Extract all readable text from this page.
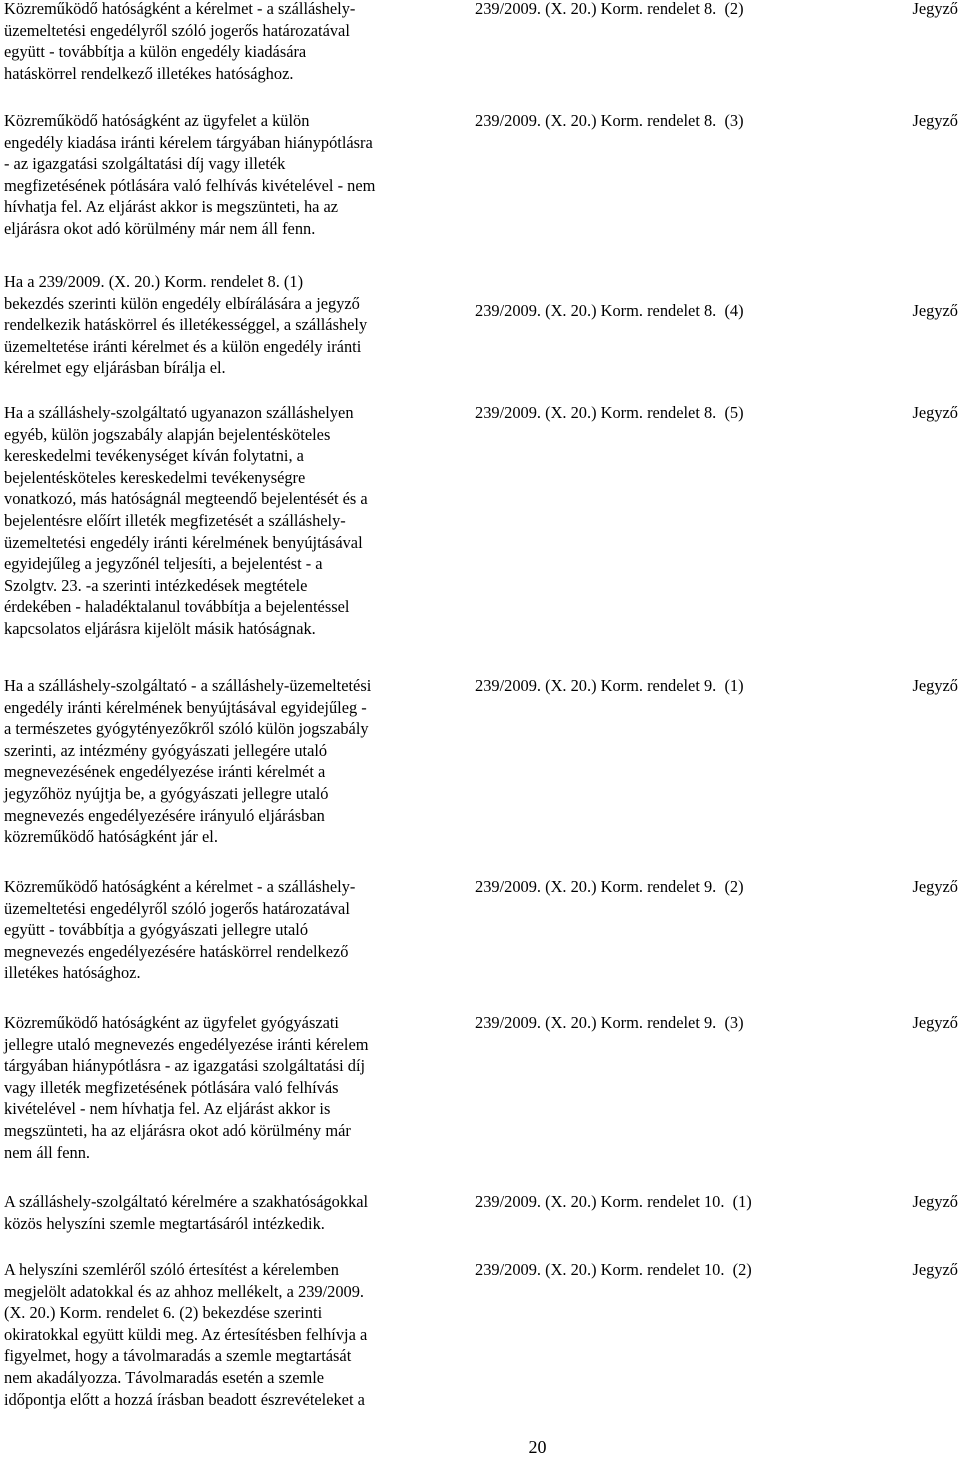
Közreműködő hatóságként a kérelmet - a szálláshely-
üzemeltetési engedélyről szóló jogerős határozatával
együtt - továbbítja a külön engedély kiadására
hatáskörrel rendelkező illetékes hatósághoz.
239/2009. (X. 20.) Korm. rendelet 8.  (2)	Jegyző
Közreműködő hatóságként az ügyfelet a külön
engedély kiadása iránti kérelem tárgyában hiánypótlásra
- az igazgatási szolgáltatási díj vagy illeték
megfizetésének pótlására való felhívás kivételével - nem
hívhatja fel. Az eljárást akkor is megszünteti, ha az
eljárásra okot adó körülmény már nem áll fenn.
239/2009. (X. 20.) Korm. rendelet 8.  (3)	Jegyző
Ha a 239/2009. (X. 20.) Korm. rendelet 8. (1)
bekezdés szerinti külön engedély elbírálására a jegyző
rendelkezik hatáskörrel és illetékességgel, a szálláshely
üzemeltetése iránti kérelmet és a külön engedély iránti
kérelmet egy eljárásban bírálja el.
239/2009. (X. 20.) Korm. rendelet 8.  (4)	Jegyző
Ha a szálláshely-szolgáltató ugyanazon szálláshelyen
egyéb, külön jogszabály alapján bejelentésköteles
kereskedelmi tevékenységet kíván folytatni, a
bejelentésköteles kereskedelmi tevékenységre
vonatkozó, más hatóságnál megteendő bejelentését és a
bejelentésre előírt illeték megfizetését a szálláshely-
üzemeltetési engedély iránti kérelmének benyújtásával
egyidejűleg a jegyzőnél teljesíti, a bejelentést - a
Szolgtv. 23. -a szerinti intézkedések megtétele
érdekében - haladéktalanul továbbítja a bejelentéssel
kapcsolatos eljárásra kijelölt másik hatóságnak.
239/2009. (X. 20.) Korm. rendelet 8.  (5)	Jegyző
Ha a szálláshely-szolgáltató - a szálláshely-üzemeltetési
engedély iránti kérelmének benyújtásával egyidejűleg -
a természetes gyógytényezőkről szóló külön jogszabály
szerinti, az intézmény gyógyászati jellegére utaló
megnevezésének engedélyezése iránti kérelmét a
jegyzőhöz nyújtja be, a gyógyászati jellegre utaló
megnevezés engedélyezésére irányuló eljárásban
közreműködő hatóságként jár el.
239/2009. (X. 20.) Korm. rendelet 9.  (1)	Jegyző
Közreműködő hatóságként a kérelmet - a szálláshely-
üzemeltetési engedélyről szóló jogerős határozatával
együtt - továbbítja a gyógyászati jellegre utaló
megnevezés engedélyezésére hatáskörrel rendelkező
illetékes hatósághoz.
239/2009. (X. 20.) Korm. rendelet 9.  (2)	Jegyző
Közreműködő hatóságként az ügyfelet gyógyászati
jellegre utaló megnevezés engedélyezése iránti kérelem
tárgyában hiánypótlásra - az igazgatási szolgáltatási díj
vagy illeték megfizetésének pótlására való felhívás
kivételével - nem hívhatja fel. Az eljárást akkor is
megszünteti, ha az eljárásra okot adó körülmény már
nem áll fenn.
239/2009. (X. 20.) Korm. rendelet 9.  (3)	Jegyző
A szálláshely-szolgáltató kérelmére a szakhatóságokkal
közös helyszíni szemle megtartásáról intézkedik.
239/2009. (X. 20.) Korm. rendelet 10.  (1)	Jegyző
A helyszíni szemléről szóló értesítést a kérelemben
megjelölt adatokkal és az ahhoz mellékelt, a 239/2009.
(X. 20.) Korm. rendelet 6. (2) bekezdése szerinti
okiratokkal együtt küldi meg. Az értesítésben felhívja a
figyelmet, hogy a távolmaradás a szemle megtartását
nem akadályozza. Távolmaradás esetén a szemle
időpontja előtt a hozzá írásban beadott észrevételeket a
239/2009. (X. 20.) Korm. rendelet 10.  (2)	Jegyző
20
